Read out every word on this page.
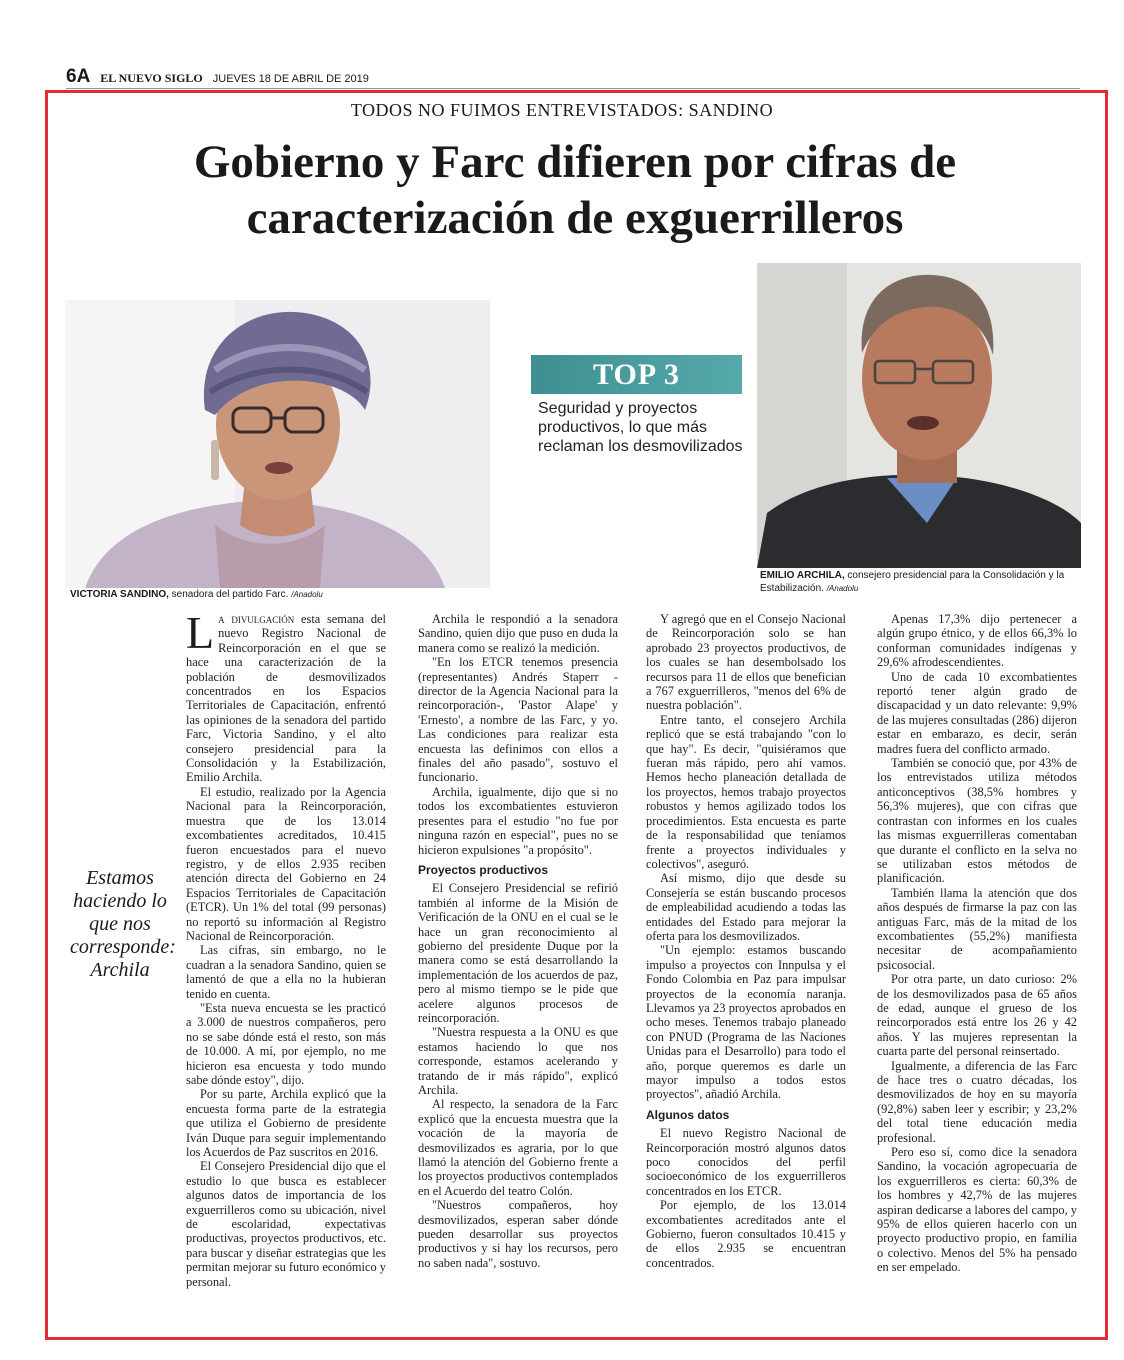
6A EL NUEVO SIGLO JUEVES 18 DE ABRIL DE 2019
TODOS NO FUIMOS ENTREVISTADOS: SANDINO
Gobierno y Farc difieren por cifras de caracterización de exguerrilleros
VICTORIA SANDINO, senadora del partido Farc. /Anadolu
EMILIO ARCHILA, consejero presidencial para la Consolidación y la Estabilización. /Anadolu
TOP 3
Seguridad y proyectos productivos, lo que más reclaman los desmovilizados
Estamos haciendo lo que nos corresponde: Archila

La divulgación esta semana del nuevo Registro Nacional de Reincorporación en el que se hace una caracterización de la población de desmovilizados concentrados en los Espacios Territoriales de Capacitación, enfrentó las opiniones de la senadora del partido Farc, Victoria Sandino, y el alto consejero presidencial para la Consolidación y la Estabilización, Emilio Archila.

El estudio, realizado por la Agencia Nacional para la Reincorporación, muestra que de los 13.014 excombatientes acreditados, 10.415 fueron encuestados para el nuevo registro, y de ellos 2.935 reciben atención directa del Gobierno en 24 Espacios Territoriales de Capacitación (ETCR). Un 1% del total (99 personas) no reportó su información al Registro Nacional de Reincorporación.

Las cifras, sin embargo, no le cuadran a la senadora Sandino, quien se lamentó de que a ella no la hubieran tenido en cuenta.

"Esta nueva encuesta se les practicó a 3.000 de nuestros compañeros, pero no se sabe dónde está el resto, son más de 10.000. A mí, por ejemplo, no me hicieron esa encuesta y todo mundo sabe dónde estoy", dijo.

Por su parte, Archila explicó que la encuesta forma parte de la estrategia que utiliza el Gobierno de presidente Iván Duque para seguir implementando los Acuerdos de Paz suscritos en 2016.

El Consejero Presidencial dijo que el estudio lo que busca es establecer algunos datos de importancia de los exguerrilleros como su ubicación, nivel de escolaridad, expectativas productivas, proyectos productivos, etc. para buscar y diseñar estrategias que les permitan mejorar su futuro económico y personal.

Archila le respondió a la senadora Sandino, quien dijo que puso en duda la manera como se realizó la medición.

"En los ETCR tenemos presencia (representantes) Andrés Staperr -director de la Agencia Nacional para la reincorporación-, 'Pastor Alape' y 'Ernesto', a nombre de las Farc, y yo. Las condiciones para realizar esta encuesta las definimos con ellos a finales del año pasado", sostuvo el funcionario.

Archila, igualmente, dijo que si no todos los excombatientes estuvieron presentes para el estudio "no fue por ninguna razón en especial", pues no se hicieron expulsiones "a propósito".

Proyectos productivos

El Consejero Presidencial se refirió también al informe de la Misión de Verificación de la ONU en el cual se le hace un gran reconocimiento al gobierno del presidente Duque por la manera como se está desarrollando la implementación de los acuerdos de paz, pero al mismo tiempo se le pide que acelere algunos procesos de reincorporación.

"Nuestra respuesta a la ONU es que estamos haciendo lo que nos corresponde, estamos acelerando y tratando de ir más rápido", explicó Archila.

Al respecto, la senadora de la Farc explicó que la encuesta muestra que la vocación de la mayoría de desmovilizados es agraria, por lo que llamó la atención del Gobierno frente a los proyectos productivos contemplados en el Acuerdo del teatro Colón.

"Nuestros compañeros, hoy desmovilizados, esperan saber dónde pueden desarrollar sus proyectos productivos y si hay los recursos, pero no saben nada", sostuvo.

Y agregó que en el Consejo Nacional de Reincorporación solo se han aprobado 23 proyectos productivos, de los cuales se han desembolsado los recursos para 11 de ellos que benefician a 767 exguerrilleros, "menos del 6% de nuestra población".

Entre tanto, el consejero Archila replicó que se está trabajando "con lo que hay". Es decir, "quisiéramos que fueran más rápido, pero ahí vamos. Hemos hecho planeación detallada de los proyectos, hemos trabajo proyectos robustos y hemos agilizado todos los procedimientos. Esta encuesta es parte de la responsabilidad que teníamos frente a proyectos individuales y colectivos", aseguró.

Así mismo, dijo que desde su Consejería se están buscando procesos de empleabilidad acudiendo a todas las entidades del Estado para mejorar la oferta para los desmovilizados.

"Un ejemplo: estamos buscando impulso a proyectos con Innpulsa y el Fondo Colombia en Paz para impulsar proyectos de la economía naranja. Llevamos ya 23 proyectos aprobados en ocho meses. Tenemos trabajo planeado con PNUD (Programa de las Naciones Unidas para el Desarrollo) para todo el año, porque queremos es darle un mayor impulso a todos estos proyectos", añadió Archila.

Algunos datos

El nuevo Registro Nacional de Reincorporación mostró algunos datos poco conocidos del perfil socioeconómico de los exguerrilleros concentrados en los ETCR.

Por ejemplo, de los 13.014 excombatientes acreditados ante el Gobierno, fueron consultados 10.415 y de ellos 2.935 se encuentran concentrados.

Apenas 17,3% dijo pertenecer a algún grupo étnico, y de ellos 66,3% lo conforman comunidades indígenas y 29,6% afrodescendientes.

Uno de cada 10 excombatientes reportó tener algún grado de discapacidad y un dato relevante: 9,9% de las mujeres consultadas (286) dijeron estar en embarazo, es decir, serán madres fuera del conflicto armado.

También se conoció que, por 43% de los entrevistados utiliza métodos anticonceptivos (38,5% hombres y 56,3% mujeres), que con cifras que contrastan con informes en los cuales las mismas exguerrilleras comentaban que durante el conflicto en la selva no se utilizaban estos métodos de planificación.

También llama la atención que dos años después de firmarse la paz con las antiguas Farc, más de la mitad de los excombatientes (55,2%) manifiesta necesitar de acompañamiento psicosocial.

Por otra parte, un dato curioso: 2% de los desmovilizados pasa de 65 años de edad, aunque el grueso de los reincorporados está entre los 26 y 42 años. Y las mujeres representan la cuarta parte del personal reinsertado.

Igualmente, a diferencia de las Farc de hace tres o cuatro décadas, los desmovilizados de hoy en su mayoría (92,8%) saben leer y escribir; y 23,2% del total tiene educación media profesional.

Pero eso sí, como dice la senadora Sandino, la vocación agropecuaria de los exguerrilleros es cierta: 60,3% de los hombres y 42,7% de las mujeres aspiran dedicarse a labores del campo, y 95% de ellos quieren hacerlo con un proyecto productivo propio, en familia o colectivo. Menos del 5% ha pensado en ser empelado.
